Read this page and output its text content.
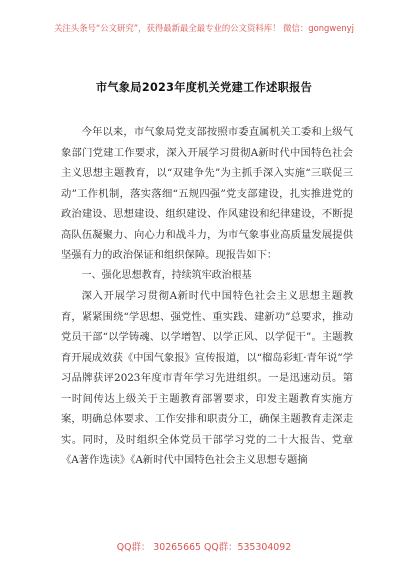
关注头条号“公文研究”，获得最新最全最专业的公文资料库！ 微信：gongwenyj
市气象局2023年度机关党建工作述职报告

今年以来，市气象局党支部按照市委直属机关工委和上级气象部门党建工作要求，深入开展学习贯彻A新时代中国特色社会主义思想主题教育，以“双建争先”为主抓手深入实施“三联促三动”工作机制，落实落细“五规四强”党支部建设，扎实推进党的政治建设、思想建设、组织建设、作风建设和纪律建设，不断提高队伍凝聚力、向心力和战斗力，为市气象事业高质量发展提供坚强有力的政治保证和组织保障。现报告如下：

一、强化思想教育，持续筑牢政治根基

深入开展学习贯彻A新时代中国特色社会主义思想主题教育，紧紧围绕“学思想、强党性、重实践、建新功”总要求，推动党员干部“以学铸魂、以学增智、以学正风、以学促干”。主题教育开展成效获《中国气象报》宣传报道，以“榴岛彩虹·青年说”学习品牌获评2023年度市青年学习先进组织。一是迅速动员。第一时间传达上级关于主题教育部署要求，印发主题教育实施方案，明确总体要求、工作安排和职责分工，确保主题教育走深走实。同时，及时组织全体党员干部学习党的二十大报告、党章《A著作选读》《A新时代中国特色社会主义思想专题摘

QQ群： 30265665 QQ群：535304092
